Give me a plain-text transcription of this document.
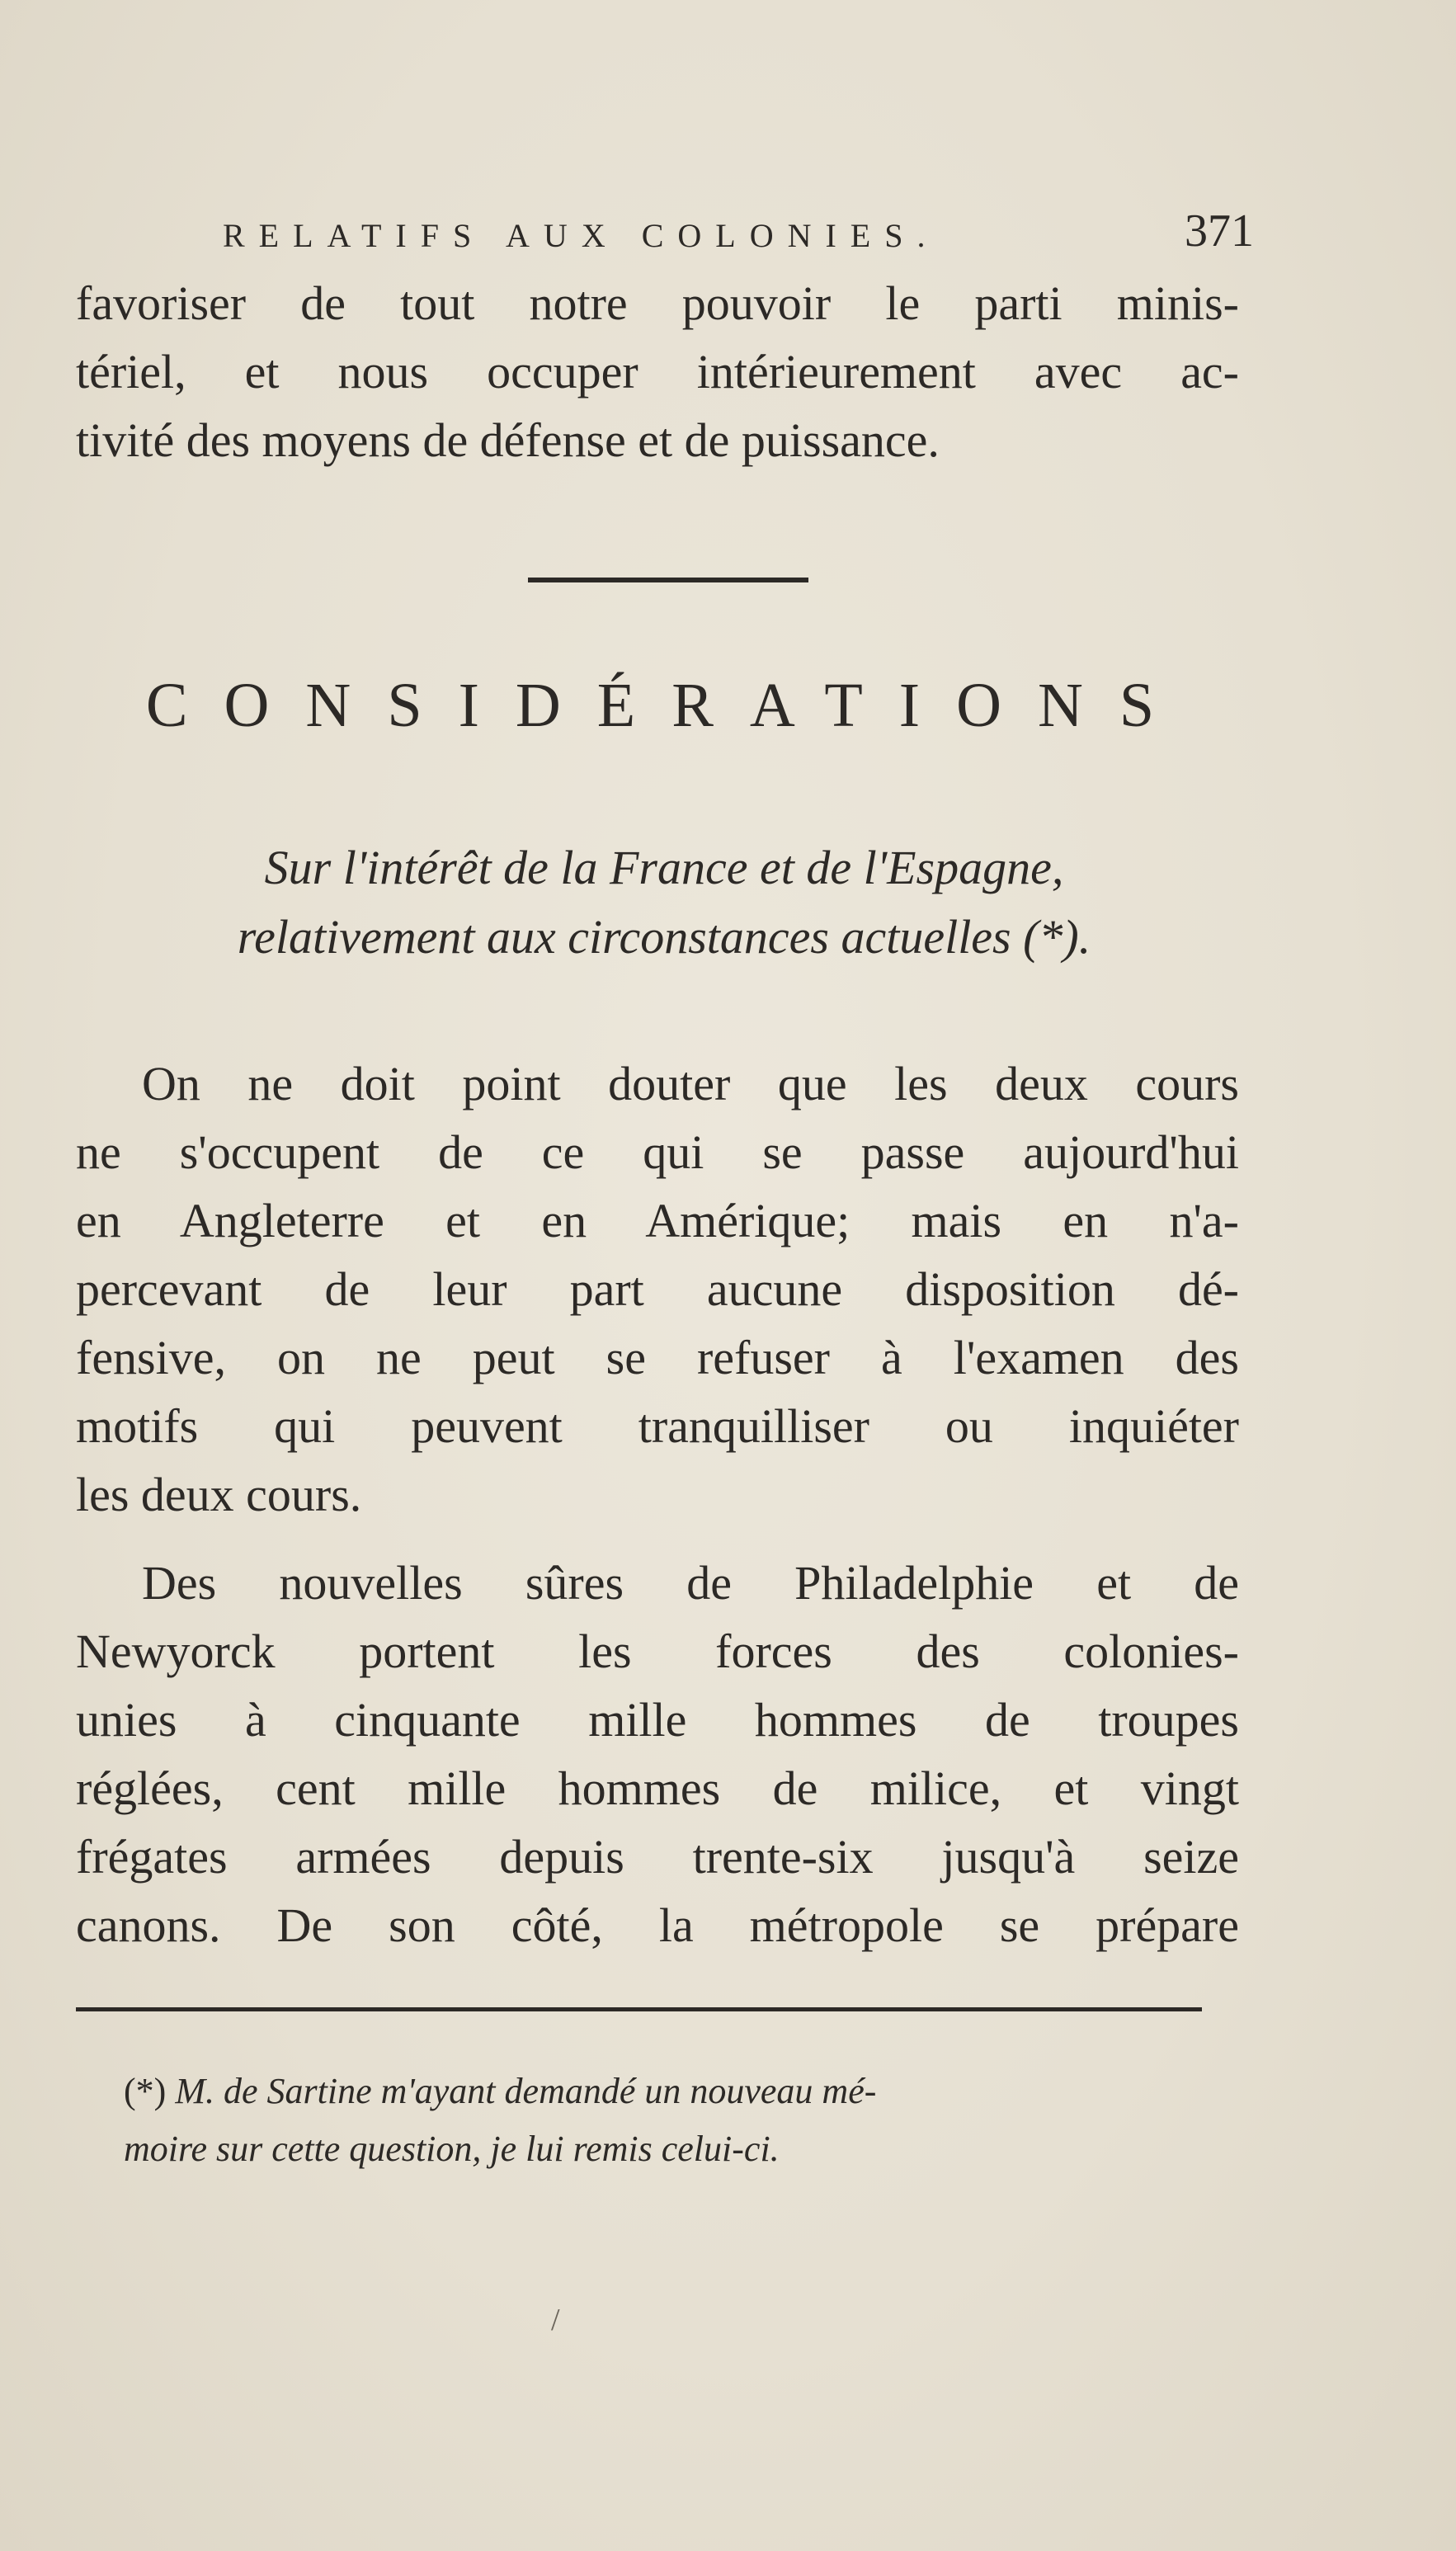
RELATIFS AUX COLONIES.	371
favoriser de tout notre pouvoir le parti minis-
tériel, et nous occuper intérieurement avec ac-
tivité des moyens de défense et de puissance.
CONSIDÉRATIONS
Sur l'intérêt de la France et de l'Espagne,
relativement aux circonstances actuelles (*).
On ne doit point douter que les deux cours
ne s'occupent de ce qui se passe aujourd'hui
en Angleterre et en Amérique; mais en n'a-
percevant de leur part aucune disposition dé-
fensive, on ne peut se refuser à l'examen des
motifs qui peuvent tranquilliser ou inquiéter
les deux cours.
Des nouvelles sûres de Philadelphie et de
Newyorck portent les forces des colonies-
unies à cinquante mille hommes de troupes
réglées, cent mille hommes de milice, et vingt
frégates armées depuis trente-six jusqu'à seize
canons. De son côté, la métropole se prépare
(*) M. de Sartine m'ayant demandé un nouveau mé-
moire sur cette question, je lui remis celui-ci.
/
